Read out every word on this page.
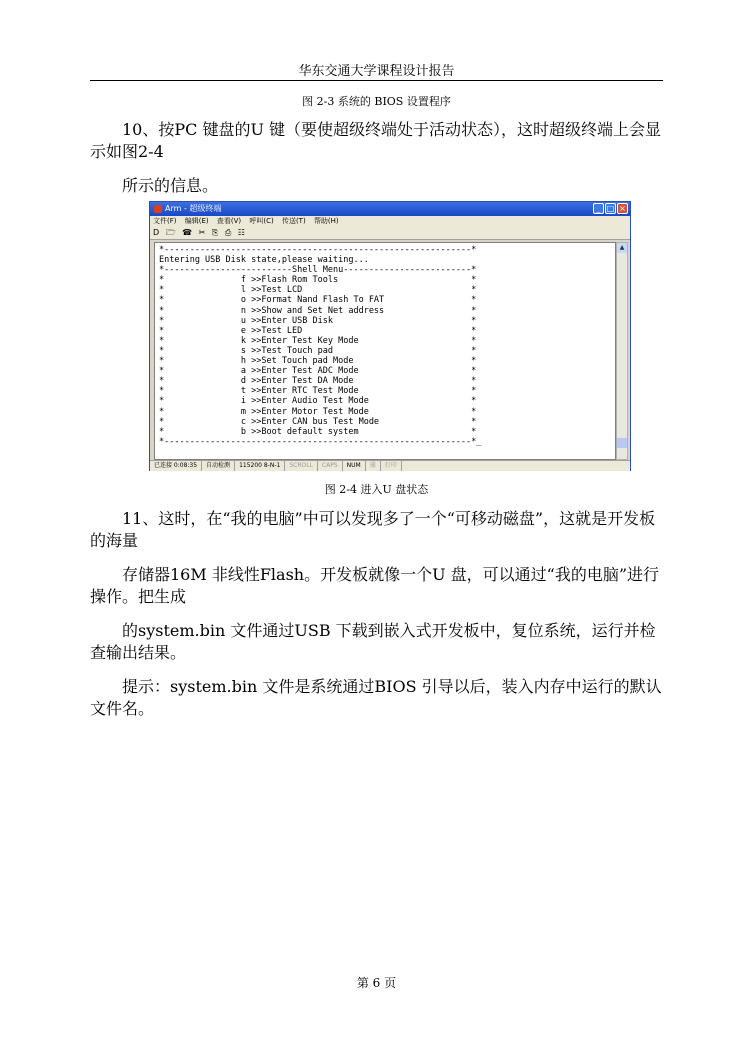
华东交通大学课程设计报告
图 2-3 系统的 BIOS 设置程序

　　10、按PC 键盘的U 键（要使超级终端处于活动状态），这时超级终端上会显示如图2-4

　　所示的信息。

Arm - 超级终端	_ □ ×
文件(F) 编辑(E) 查看(V) 呼叫(C) 传送(T) 帮助(H)
D 🗁 ☎ ✂ ⎘ ⎙ ☷
*------------------------------------------------------------*
Entering USB Disk state,please waiting...
*-------------------------Shell Menu-------------------------*
*               f >>Flash Rom Tools                          *
*               l >>Test LCD                                 *
*               o >>Format Nand Flash To FAT                 *
*               n >>Show and Set Net address                 *
*               u >>Enter USB Disk                           *
*               e >>Test LED                                 *
*               k >>Enter Test Key Mode                      *
*               s >>Test Touch pad                           *
*               h >>Set Touch pad Mode                       *
*               a >>Enter Test ADC Mode                      *
*               d >>Enter Test DA Mode                       *
*               t >>Enter RTC Test Mode                      *
*               i >>Enter Audio Test Mode                    *
*               m >>Enter Motor Test Mode                    *
*               c >>Enter CAN bus Test Mode                  *
*               b >>Boot default system                      *
*------------------------------------------------------------*_
▲
已连接 0:08:35 自动检测 115200 8-N-1 SCROLL CAPS NUM 捕 打印
图 2-4 进入U 盘状态

　　11、这时，在“我的电脑”中可以发现多了一个“可移动磁盘”，这就是开发板的海量

　　存储器16M 非线性Flash。开发板就像一个U 盘，可以通过“我的电脑”进行操作。把生成

　　的system.bin 文件通过USB 下载到嵌入式开发板中，复位系统，运行并检查输出结果。

　　提示：system.bin 文件是系统通过BIOS 引导以后，装入内存中运行的默认文件名。

第 6 页
